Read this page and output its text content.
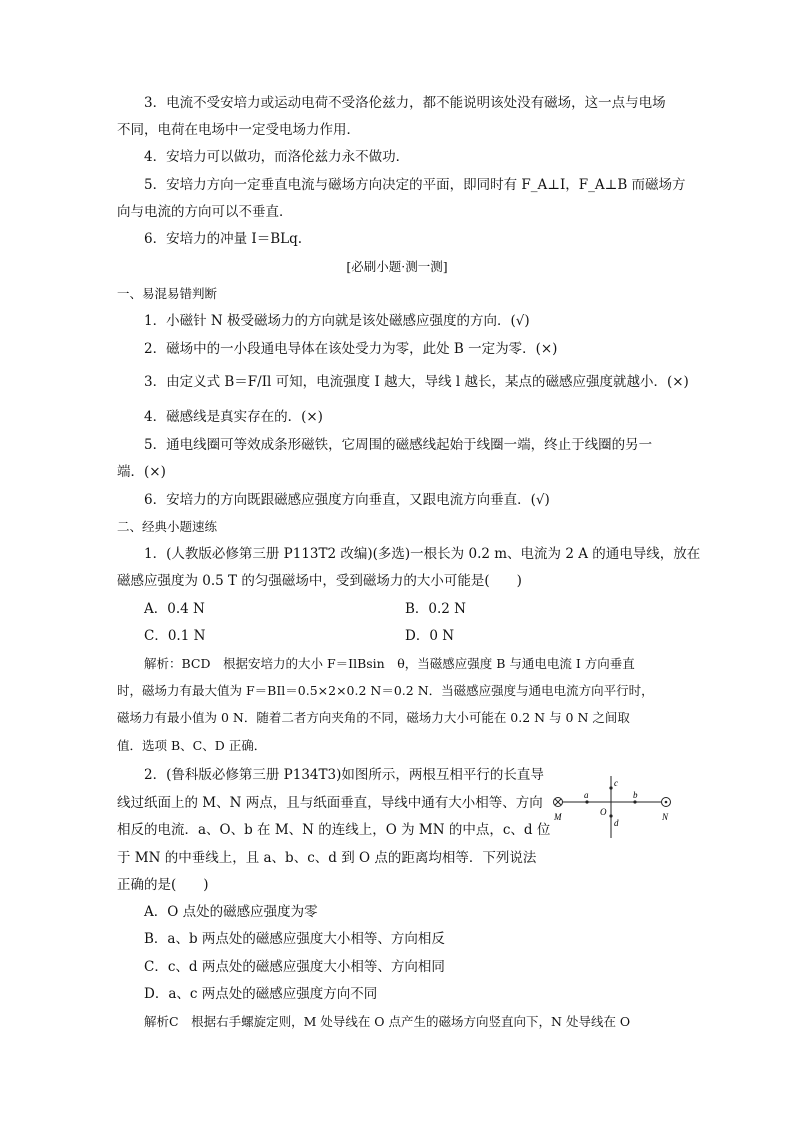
3．电流不受安培力或运动电荷不受洛伦兹力，都不能说明该处没有磁场，这一点与电场
不同，电荷在电场中一定受电场力作用．
4．安培力可以做功，而洛伦兹力永不做功．
5．安培力方向一定垂直电流与磁场方向决定的平面，即同时有 F_A⊥I，F_A⊥B 而磁场方
向与电流的方向可以不垂直．
6．安培力的冲量 I＝BLq.
[必刷小题·测一测]
一、易混易错判断
1．小磁针 N 极受磁场力的方向就是该处磁感应强度的方向．(√)
2．磁场中的一小段通电导体在该处受力为零，此处 B 一定为零．(×)
3．由定义式 B＝F/Il 可知，电流强度 I 越大，导线 l 越长，某点的磁感应强度就越小．(×)
4．磁感线是真实存在的．(×)
5．通电线圈可等效成条形磁铁，它周围的磁感线起始于线圈一端，终止于线圈的另一
端．(×)
6．安培力的方向既跟磁感应强度方向垂直，又跟电流方向垂直．(√)
二、经典小题速练
1．(人教版必修第三册 P113T2 改编)(多选)一根长为 0.2 m、电流为 2 A 的通电导线，放在
磁感应强度为 0.5 T 的匀强磁场中，受到磁场力的大小可能是(　　)
A．0.4 N	B．0.2 N
C．0.1 N	D．0 N
解析：BCD　根据安培力的大小 F＝IlBsin　θ，当磁感应强度 B 与通电电流 I 方向垂直
时，磁场力有最大值为 F＝BIl＝0.5×2×0.2 N＝0.2 N．当磁感应强度与通电电流方向平行时，
磁场力有最小值为 0 N．随着二者方向夹角的不同，磁场力大小可能在 0.2 N 与 0 N 之间取
值．选项 B、C、D 正确．
2．(鲁科版必修第三册 P134T3)如图所示，两根互相平行的长直导
线过纸面上的 M、N 两点，且与纸面垂直，导线中通有大小相等、方向
相反的电流．a、O、b 在 M、N 的连线上，O 为 MN 的中点，c、d 位
于 MN 的中垂线上，且 a、b、c、d 到 O 点的距离均相等．下列说法
正确的是(　　)
M	N
O
a	b
c
d
A．O 点处的磁感应强度为零
B．a、b 两点处的磁感应强度大小相等、方向相反
C．c、d 两点处的磁感应强度大小相等、方向相同
D．a、c 两点处的磁感应强度方向不同
解析C　根据右手螺旋定则，M 处导线在 O 点产生的磁场方向竖直向下，N 处导线在 O
